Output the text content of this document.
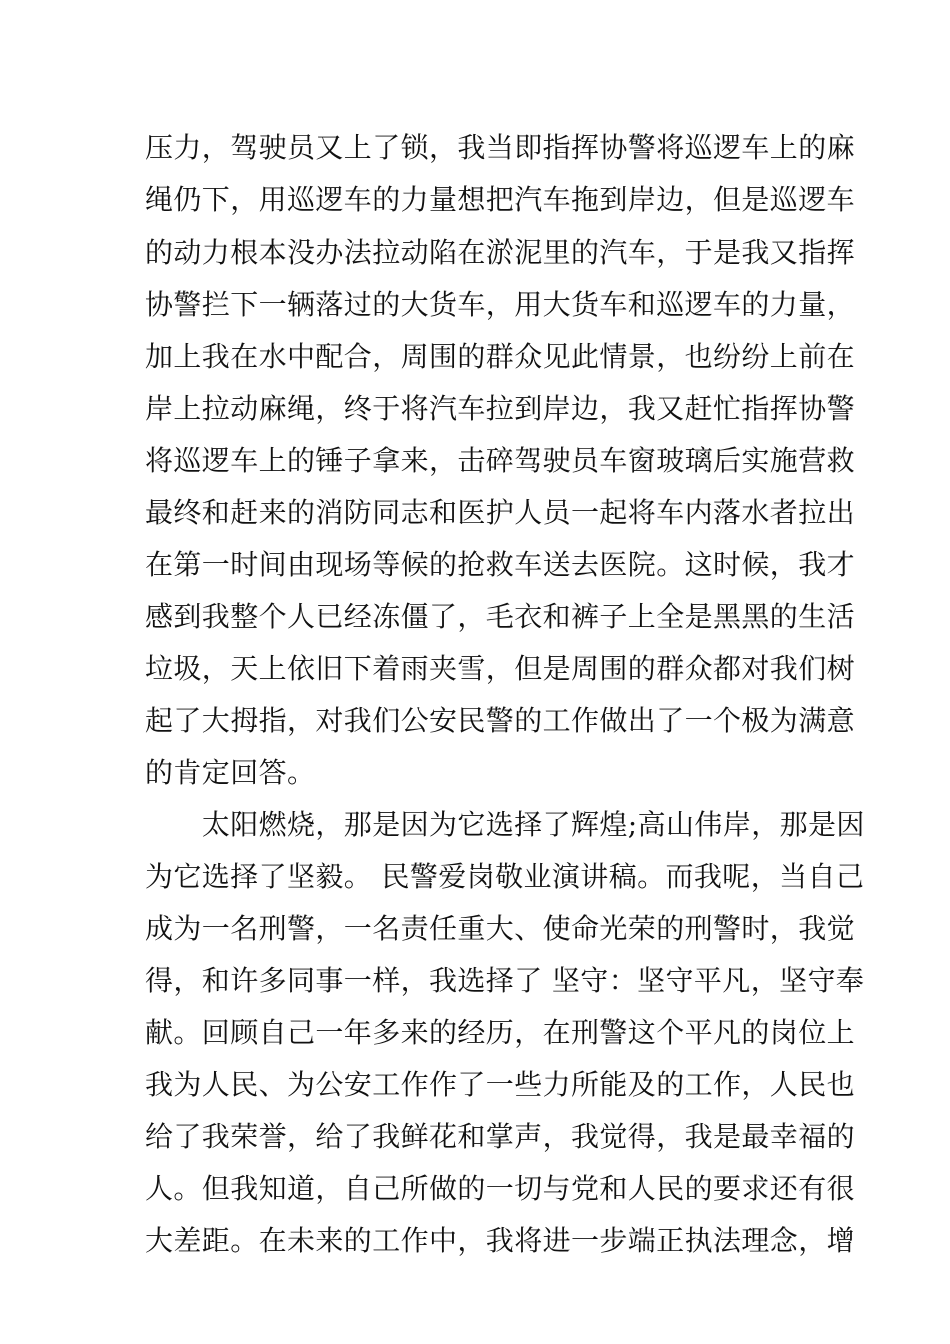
压力，驾驶员又上了锁，我当即指挥协警将巡逻车上的麻
绳仍下，用巡逻车的力量想把汽车拖到岸边，但是巡逻车
的动力根本没办法拉动陷在淤泥里的汽车，于是我又指挥
协警拦下一辆落过的大货车，用大货车和巡逻车的力量，
加上我在水中配合，周围的群众见此情景，也纷纷上前在
岸上拉动麻绳，终于将汽车拉到岸边，我又赶忙指挥协警
将巡逻车上的锤子拿来，击碎驾驶员车窗玻璃后实施营救
最终和赶来的消防同志和医护人员一起将车内落水者拉出
在第一时间由现场等候的抢救车送去医院。这时候，我才
感到我整个人已经冻僵了，毛衣和裤子上全是黑黑的生活
垃圾，天上依旧下着雨夹雪，但是周围的群众都对我们树
起了大拇指，对我们公安民警的工作做出了一个极为满意
的肯定回答。
　　太阳燃烧，那是因为它选择了辉煌;高山伟岸，那是因
为它选择了坚毅。 民警爱岗敬业演讲稿。而我呢，当自己
成为一名刑警，一名责任重大、使命光荣的刑警时，我觉
得，和许多同事一样，我选择了 坚守：坚守平凡，坚守奉
献。回顾自己一年多来的经历，在刑警这个平凡的岗位上
我为人民、为公安工作作了一些力所能及的工作，人民也
给了我荣誉，给了我鲜花和掌声，我觉得，我是最幸福的
人。但我知道，自己所做的一切与党和人民的要求还有很
大差距。在未来的工作中，我将进一步端正执法理念，增
